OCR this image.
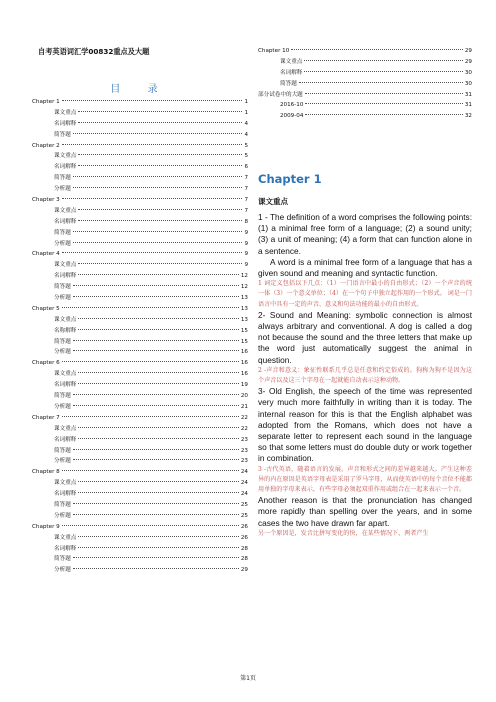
自考英语词汇学00832重点及大题
目 录
Chapter 1	1
课文重点	1
名词解释	4
简答题	4
Chapter 2	5
课文重点	5
名词解释	6
简答题	7
分析题	7
Chapter 3	7
课文重点	7
名词解释	8
简答题	9
分析题	9
Chapter 4	9
课文重点	9
名词解释	12
简答题	12
分析题	13
Chapter 5	13
课文重点	13
名称解释	15
简答题	15
分析题	16
Chapter 6	16
课文重点	16
名词解释	19
简答题	20
分析题	21
Chapter 7	22
课文重点	22
名词解释	23
简答题	23
分析题	23
Chapter 8	24
课文重点	24
名词解释	24
简答题	25
分析题	25
Chapter 9	26
课文重点	26
名词解释	28
简答题	28
分析题	29
Chapter 10	29
课文重点	29
名词解释	30
简答题	30
部分试卷中的大题	31
2016-10	31
2009-04	32
Chapter 1
课文重点

1 - The definition of a word comprises the following points: (1) a minimal free form of a language; (2) a sound unity; (3) a unit of meaning; (4) a form that can function alone in a sentence.

A word is a minimal free form of a language that has a given sound and meaning and syntactic function.

1 词定义包括以下几点：（1）一门语言中最小的自由形式；（2）一个声音的统一体（3）一个意义单位；（4）在一个句子中独立起作用的一个形式。 词是一门语言中具有一定的声音、意义和句法功能的最小的自由形式。

2- Sound and Meaning: symbolic connection is almost always arbitrary and conventional. A dog is called a dog not because the sound and the three letters that make up the word just automatically suggest the animal in question.

2 -声音和意义：象征性联系几乎总是任意和约定俗成的。狗称为狗不是因为这个声音以及这三个字母在一起就能自动表示这种动物。

3- Old English, the speech of the time was represented very much more faithfully in writing than it is today. The internal reason for this is that the English alphabet was adopted from the Romans, which does not have a separate letter to represent each sound in the language so that some letters must do double duty or work together in combination.

3 -古代英语，随着语言的发展，声音和形式之间的差异越来越大。产生这种差异的内在原因是英语字母表是采用了罗马字母，从而使英语中的每个音位不能都用单独的字母来表示，有些字母必须起双重作用或组合在一起来表示一个音。

Another reason is that the pronunciation has changed more rapidly than spelling over the years, and in some cases the two have drawn far apart.

另一个原因是，发音比拼写变化的快，在某些情况下，两者产生

第1页
